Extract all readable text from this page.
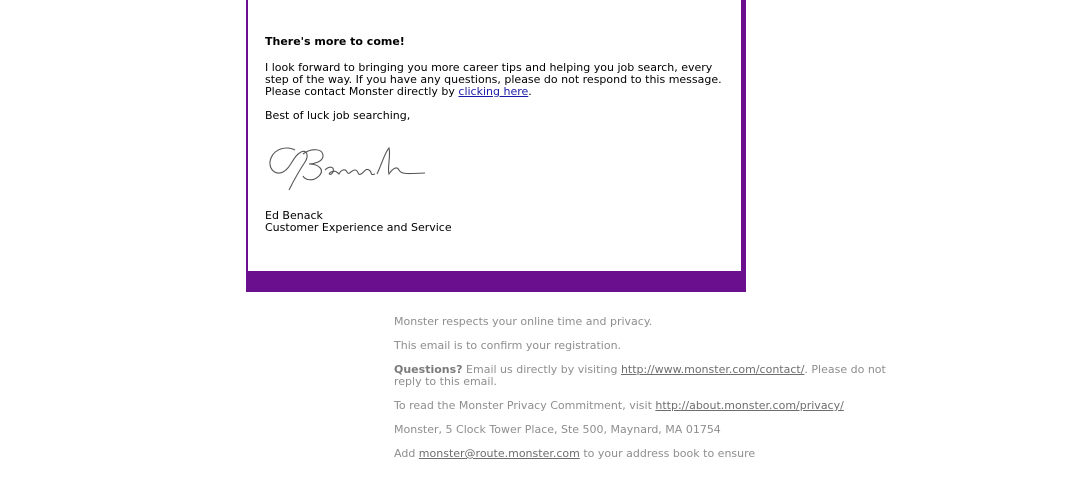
There's more to come!

I look forward to bringing you more career tips and helping you job search, every step of the way. If you have any questions, please do not respond to this message. Please contact Monster directly by clicking here.

Best of luck job searching,

Ed Benack
Customer Experience and Service

Monster respects your online time and privacy.

This email is to confirm your registration.

Questions? Email us directly by visiting http://www.monster.com/contact/. Please do not reply to this email.

To read the Monster Privacy Commitment, visit http://about.monster.com/privacy/

Monster, 5 Clock Tower Place, Ste 500, Maynard, MA 01754

Add monster@route.monster.com to your address book to ensure
